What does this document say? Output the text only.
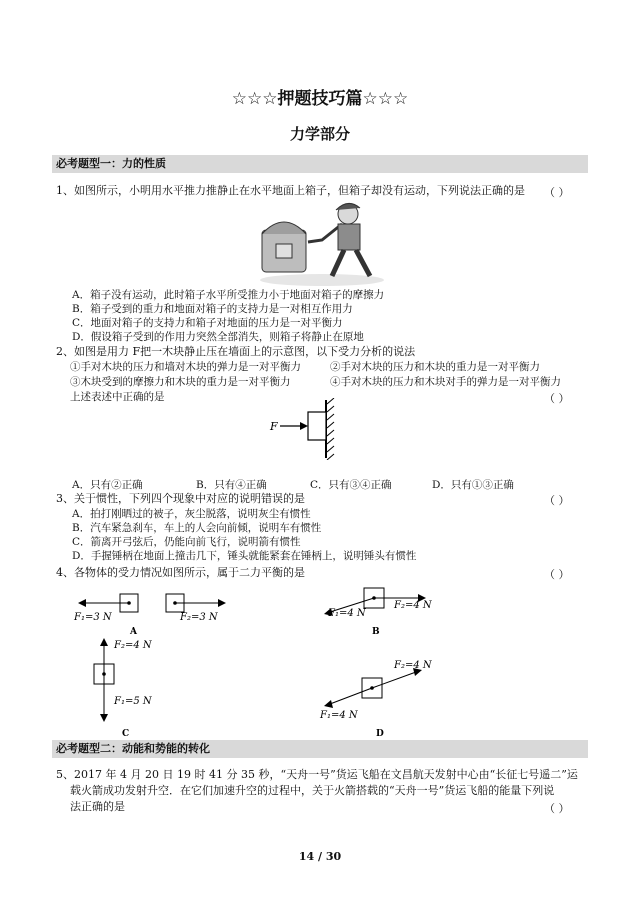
☆☆☆押题技巧篇☆☆☆
力学部分
必考题型一：力的性质
1、如图所示，小明用水平推力推静止在水平地面上箱子，但箱子却没有运动，下列说法正确的是 （ ）
A．箱子没有运动，此时箱子水平所受推力小于地面对箱子的摩擦力
B．箱子受到的重力和地面对箱子的支持力是一对相互作用力
C．地面对箱子的支持力和箱子对地面的压力是一对平衡力
D．假设箱子受到的作用力突然全部消失，则箱子将静止在原地
2、如图是用力 F把一木块静止压在墙面上的示意图，以下受力分析的说法
①手对木块的压力和墙对木块的弹力是一对平衡力	②手对木块的压力和木块的重力是一对平衡力
③木块受到的摩擦力和木块的重力是一对平衡力	④手对木块的压力和木块对手的弹力是一对平衡力
上述表述中正确的是	（ ）
F
A．只有②正确	B．只有④正确	C．只有③④正确	D．只有①③正确
3、关于惯性，下列四个现象中对应的说明错误的是	（ ）
A．拍打刚晒过的被子，灰尘脱落，说明灰尘有惯性
B．汽车紧急刹车，车上的人会向前倾，说明车有惯性
C．箭离开弓弦后，仍能向前飞行，说明箭有惯性
D．手握锤柄在地面上撞击几下，锤头就能紧套在锤柄上，说明锤头有惯性
4、各物体的受力情况如图所示，属于二力平衡的是	（ ）
F₁=3 N	F₂=3 N
A
F₁=4 N
F₂=4 N
B
F₂=4 N
F₁=5 N
C
F₂=4 N
F₁=4 N
D
必考题型二：动能和势能的转化
5、2017 年 4 月 20 日 19 时 41 分 35 秒，“天舟一号”货运飞船在文昌航天发射中心由“长征七号遥二”运
载火箭成功发射升空．在它们加速升空的过程中，关于火箭搭载的“天舟一号”货运飞船的能量下列说
法正确的是	（ ）
14 / 30
